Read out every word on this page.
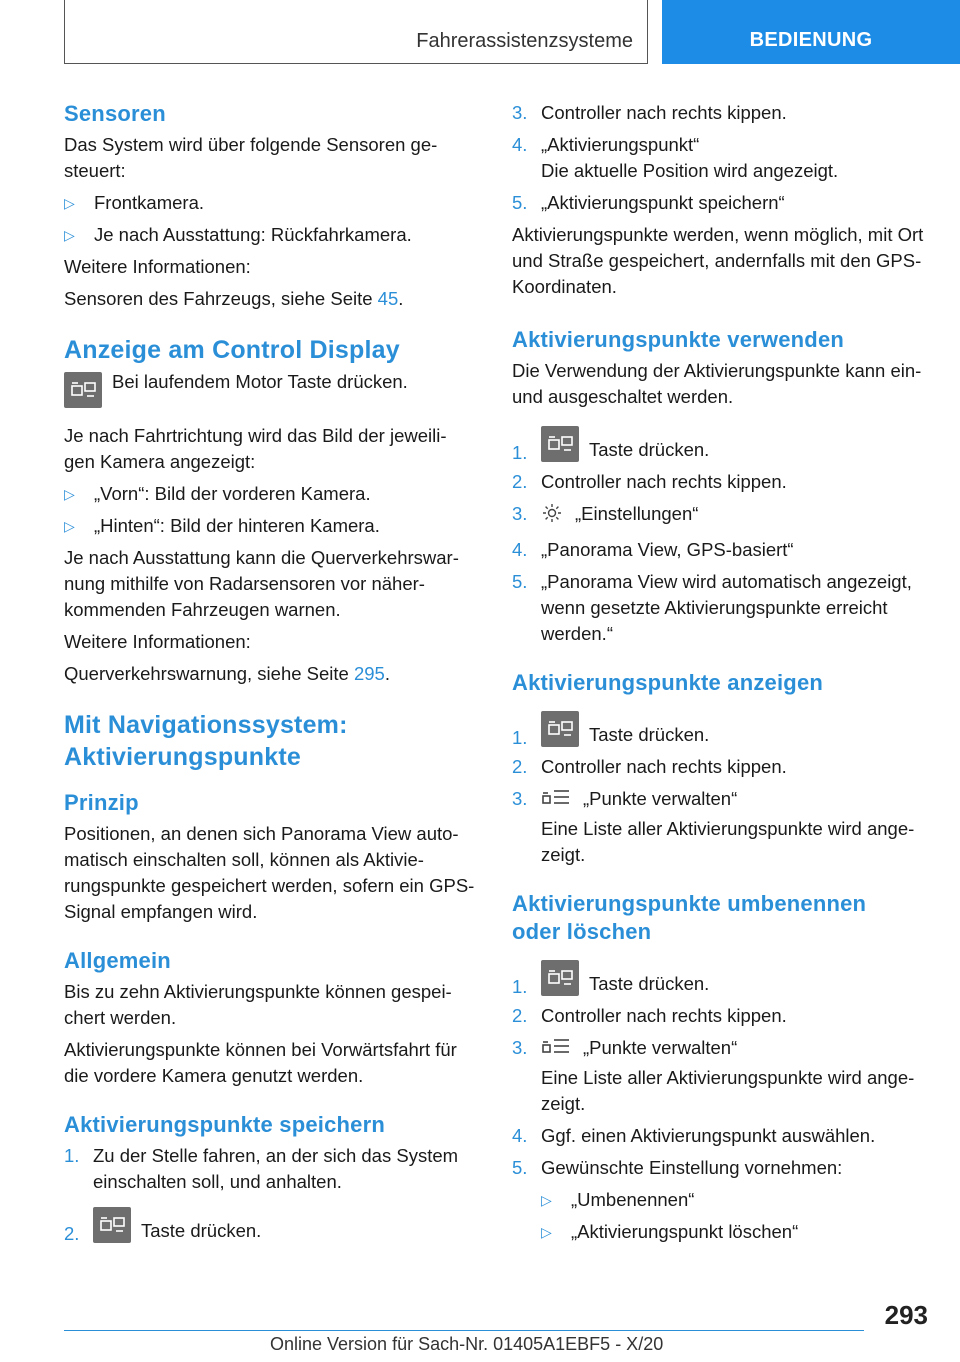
Fahrerassistenzsysteme	BEDIENUNG
Sensoren

Das System wird über folgende Sensoren ge-steuert:

▷ Frontkamera.
▷ Je nach Ausstattung: Rückfahrkamera.

Weitere Informationen:

Sensoren des Fahrzeugs, siehe Seite 45.

Anzeige am Control Display

Bei laufendem Motor Taste drücken.

Je nach Fahrtrichtung wird das Bild der jeweili-gen Kamera angezeigt:

▷ „Vorn“: Bild der vorderen Kamera.
▷ „Hinten“: Bild der hinteren Kamera.

Je nach Ausstattung kann die Querverkehrswar-nung mithilfe von Radarsensoren vor näher-kommenden Fahrzeugen warnen.

Weitere Informationen:

Querverkehrswarnung, siehe Seite 295.

Mit Navigationssystem:
Aktivierungspunkte
Prinzip

Positionen, an denen sich Panorama View auto-matisch einschalten soll, können als Aktivie-rungspunkte gespeichert werden, sofern ein GPS-Signal empfangen wird.

Allgemein

Bis zu zehn Aktivierungspunkte können gespei-chert werden.

Aktivierungspunkte können bei Vorwärtsfahrt für die vordere Kamera genutzt werden.

Aktivierungspunkte speichern
1. Zu der Stelle fahren, an der sich das System einschalten soll, und anhalten.
2.	Taste drücken.
3. Controller nach rechts kippen.
4. „Aktivierungspunkt“
Die aktuelle Position wird angezeigt.
5. „Aktivierungspunkt speichern“

Aktivierungspunkte werden, wenn möglich, mit Ort und Straße gespeichert, andernfalls mit den GPS-Koordinaten.

Aktivierungspunkte verwenden

Die Verwendung der Aktivierungspunkte kann ein- und ausgeschaltet werden.

1.	Taste drücken.
2. Controller nach rechts kippen.
3.	„Einstellungen“
4. „Panorama View, GPS-basiert“
5. „Panorama View wird automatisch angezeigt, wenn gesetzte Aktivierungspunkte erreicht werden.“
Aktivierungspunkte anzeigen
1.	Taste drücken.
2. Controller nach rechts kippen.
3.	„Punkte verwalten“
Eine Liste aller Aktivierungspunkte wird ange-zeigt.
Aktivierungspunkte umbenennen
oder löschen
1.	Taste drücken.
2. Controller nach rechts kippen.
3.	„Punkte verwalten“
Eine Liste aller Aktivierungspunkte wird ange-zeigt.
4. Ggf. einen Aktivierungspunkt auswählen.
5. Gewünschte Einstellung vornehmen:
▷ „Umbenennen“
▷ „Aktivierungspunkt löschen“
293
Online Version für Sach-Nr. 01405A1EBF5 - X/20
